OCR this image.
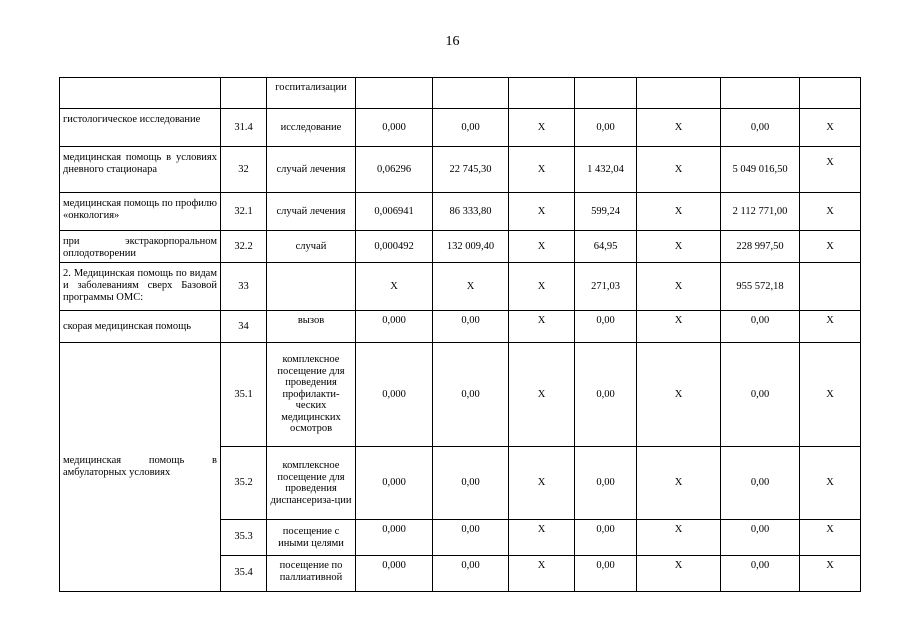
16
		госпитализации							
гистологическое исследование	31.4	исследование	0,000	0,00	Х	0,00	Х	0,00	Х
медицинская помощь в условиях дневного стационара	32	случай лечения	0,06296	22 745,30	Х	1 432,04	Х	5 049 016,50	Х
медицинская помощь по профилю «онкология»	32.1	случай лечения	0,006941	86 333,80	Х	599,24	Х	2 112 771,00	Х
при экстракорпоральном оплодотворении	32.2	случай	0,000492	132 009,40	Х	64,95	Х	228 997,50	Х
2. Медицинская помощь по видам и заболеваниям сверх Базовой программы ОМС:	33		Х	Х	Х	271,03	Х	955 572,18	
скорая медицинская помощь	34	вызов	0,000	0,00	Х	0,00	Х	0,00	Х
медицинская помощь в амбулаторных условиях	35.1	комплексное посещение для проведения профилакти-ческих медицинских осмотров	0,000	0,00	Х	0,00	Х	0,00	Х
	35.2	комплексное посещение для проведения диспансериза-ции	0,000	0,00	Х	0,00	Х	0,00	Х
	35.3	посещение с иными целями	0,000	0,00	Х	0,00	Х	0,00	Х
	35.4	посещение по паллиативной	0,000	0,00	Х	0,00	Х	0,00	Х
